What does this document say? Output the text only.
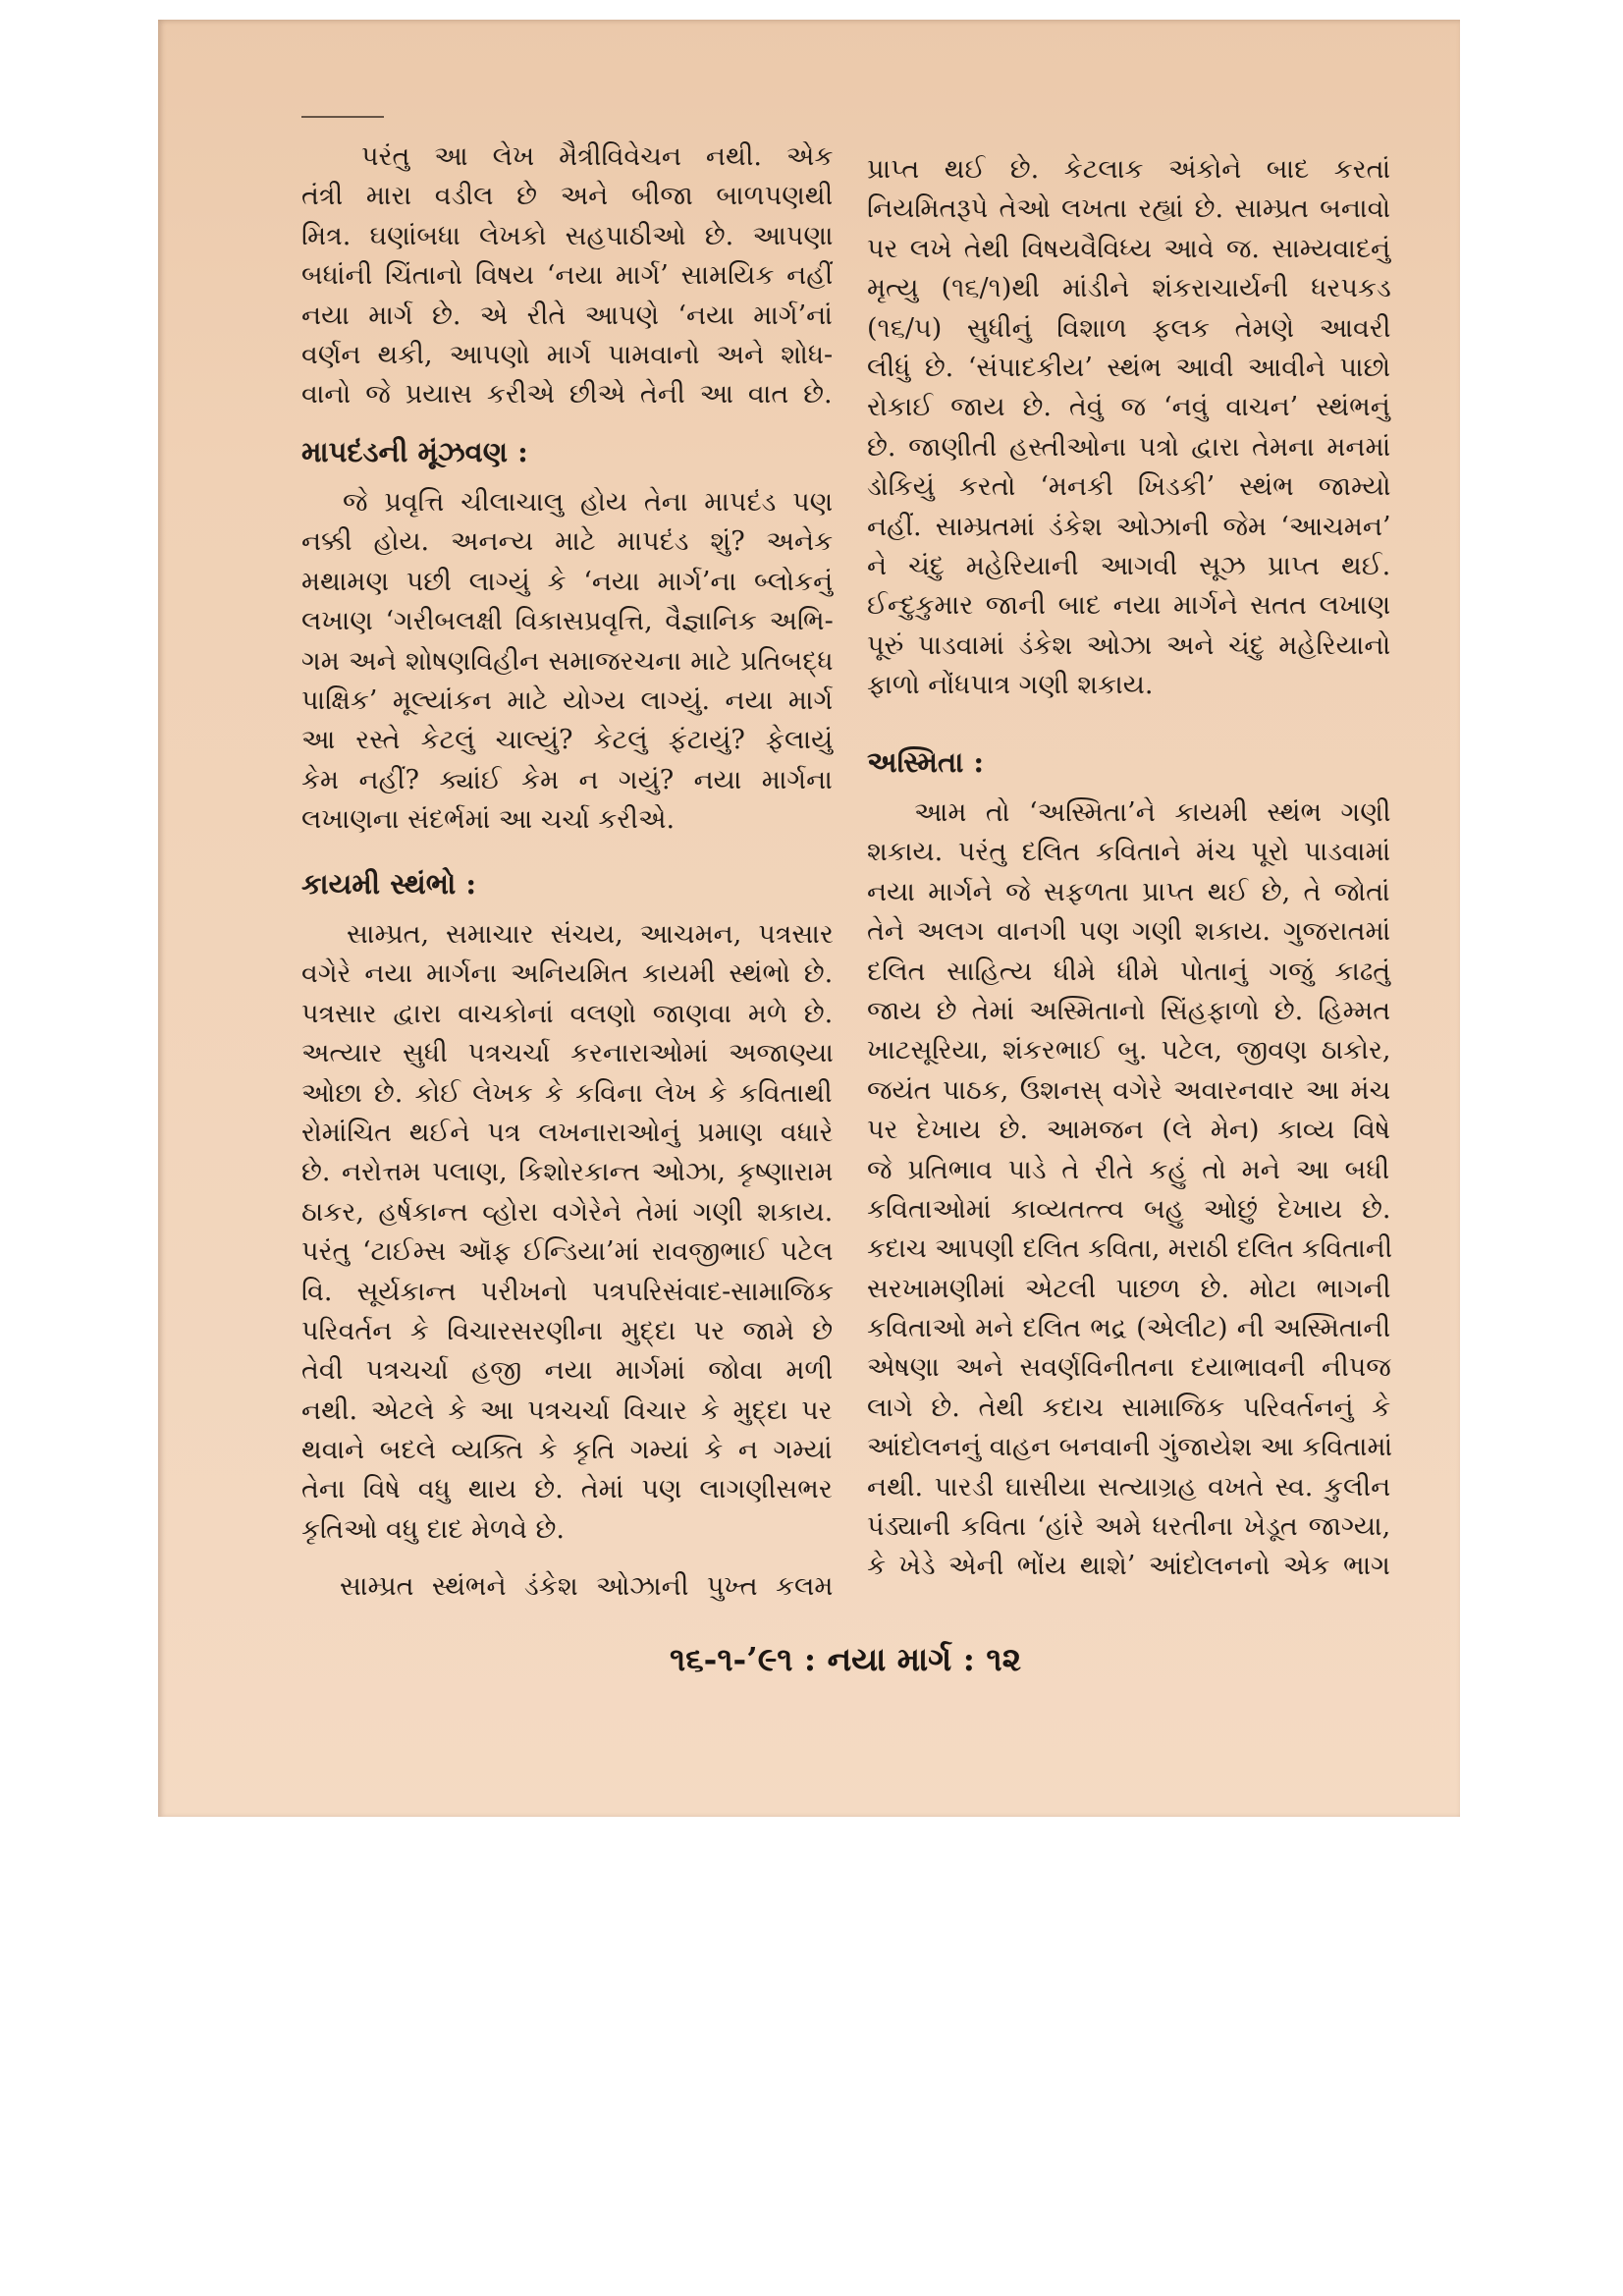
પરંતુ આ લેખ મૈત્રીવિવેચન નથી. એક
તંત્રી મારા વડીલ છે અને બીજા બાળપણથી
મિત્ર. ઘણાંબધા લેખકો સહપાઠીઓ છે. આપણા
બધાંની ચિંતાનો વિષય ‘નયા માર્ગ’ સામયિક નહીં
નયા માર્ગ છે. એ રીતે આપણે ‘નયા માર્ગ’નાં
વર્ણન થકી, આપણો માર્ગ પામવાનો અને શોધ-
વાનો જે પ્રયાસ કરીએ છીએ તેની આ વાત છે.
માપદંડની મૂંઝવણ :
જે પ્રવૃત્તિ ચીલાચાલુ હોય તેના માપદંડ પણ
નક્કી હોય. અનન્ય માટે માપદંડ શું? અનેક
મથામણ પછી લાગ્યું કે ‘નયા માર્ગ’ના બ્લોકનું
લખાણ ‘ગરીબલક્ષી વિકાસપ્રવૃત્તિ, વૈજ્ઞાનિક અભિ-
ગમ અને શોષણવિહીન સમાજરચના માટે પ્રતિબદ્ધ
પાક્ષિક’ મૂલ્યાંકન માટે યોગ્ય લાગ્યું. નયા માર્ગ
આ રસ્તે કેટલું ચાલ્યું? કેટલું ફંટાયું? ફેલાયું
કેમ નહીં? ક્યાંઈ કેમ ન ગયું? નયા માર્ગના
લખાણના સંદર્ભમાં આ ચર્ચા કરીએ.
કાયમી સ્થંભો :
સામ્પ્રત, સમાચાર સંચય, આચમન, પત્રસાર
વગેરે નયા માર્ગના અનિયમિત કાયમી સ્થંભો છે.
પત્રસાર દ્વારા વાચકોનાં વલણો જાણવા મળે છે.
અત્યાર સુધી પત્રચર્ચા કરનારાઓમાં અજાણ્યા
ઓછા છે. કોઈ લેખક કે કવિના લેખ કે કવિતાથી
રોમાંચિત થઈને પત્ર લખનારાઓનું પ્રમાણ વધારે
છે. નરોત્તમ પલાણ, કિશોરકાન્ત ઓઝા, કૃષ્ણારામ
ઠાકર, હર્ષકાન્ત વ્હોરા વગેરેને તેમાં ગણી શકાય.
પરંતુ ‘ટાઈમ્સ ઑફ ઈન્ડિયા’માં રાવજીભાઈ પટેલ
વિ. સૂર્યકાન્ત પરીખનો પત્રપરિસંવાદ-સામાજિક
પરિવર્તન કે વિચારસરણીના મુદ્દા પર જામે છે
તેવી પત્રચર્ચા હજી નયા માર્ગમાં જોવા મળી
નથી. એટલે કે આ પત્રચર્ચા વિચાર કે મુદ્દા પર
થવાને બદલે વ્યક્તિ કે કૃતિ ગમ્યાં કે ન ગમ્યાં
તેના વિષે વધુ થાય છે. તેમાં પણ લાગણીસભર
કૃતિઓ વધુ દાદ મેળવે છે.
સામ્પ્રત સ્થંભને ડંકેશ ઓઝાની પુખ્ત કલમ
પ્રાપ્ત થઈ છે. કેટલાક અંકોને બાદ કરતાં
નિયમિતરૂપે તેઓ લખતા રહ્યાં છે. સામ્પ્રત બનાવો
પર લખે તેથી વિષયવૈવિધ્ય આવે જ. સામ્યવાદનું
મૃત્યુ (૧૬/૧)થી માંડીને શંકરાચાર્યની ધરપકડ
(૧૬/૫) સુધીનું વિશાળ ફલક તેમણે આવરી
લીધું છે. ‘સંપાદકીય’ સ્થંભ આવી આવીને પાછો
રોકાઈ જાય છે. તેવું જ ‘નવું વાચન’ સ્થંભનું
છે. જાણીતી હસ્તીઓના પત્રો દ્વારા તેમના મનમાં
ડોકિયું કરતો ‘મનકી ખિડકી’ સ્થંભ જામ્યો
નહીં. સામ્પ્રતમાં ડંકેશ ઓઝાની જેમ ‘આચમન’
ને ચંદુ મહેરિયાની આગવી સૂઝ પ્રાપ્ત થઈ.
ઈન્દુકુમાર જાની બાદ નયા માર્ગને સતત લખાણ
પૂરું પાડવામાં ડંકેશ ઓઝા અને ચંદુ મહેરિયાનો
ફાળો નોંધપાત્ર ગણી શકાય.
અસ્મિતા :
આમ તો ‘અસ્મિતા’ને કાયમી સ્થંભ ગણી
શકાય. પરંતુ દલિત કવિતાને મંચ પૂરો પાડવામાં
નયા માર્ગને જે સફળતા પ્રાપ્ત થઈ છે, તે જોતાં
તેને અલગ વાનગી પણ ગણી શકાય. ગુજરાતમાં
દલિત સાહિત્ય ધીમે ધીમે પોતાનું ગજું કાઢતું
જાય છે તેમાં અસ્મિતાનો સિંહફાળો છે. હિમ્મત
ખાટસૂરિયા, શંકરભાઈ બુ. પટેલ, જીવણ ઠાકોર,
જયંત પાઠક, ઉશનસ્ વગેરે અવારનવાર આ મંચ
પર દેખાય છે. આમજન (લે મેન) કાવ્ય વિષે
જે પ્રતિભાવ પાડે તે રીતે કહું તો મને આ બધી
કવિતાઓમાં કાવ્યતત્ત્વ બહુ ઓછું દેખાય છે.
કદાચ આપણી દલિત કવિતા, મરાઠી દલિત કવિતાની
સરખામણીમાં એટલી પાછળ છે. મોટા ભાગની
કવિતાઓ મને દલિત ભદ્ર (એલીટ) ની અસ્મિતાની
એષણા અને સવર્ણવિનીતના દયાભાવની નીપજ
લાગે છે. તેથી કદાચ સામાજિક પરિવર્તનનું કે
આંદોલનનું વાહન બનવાની ગુંજાયેશ આ કવિતામાં
નથી. પારડી ઘાસીયા સત્યાગ્રહ વખતે સ્વ. કુલીન
પંડ્યાની કવિતા ‘હાંરે અમે ધરતીના ખેડૂત જાગ્યા,
કે ખેડે એની ભોંય થાશે’ આંદોલનનો એક ભાગ
૧૬-૧-’૯૧ : નયા માર્ગ : ૧૨
